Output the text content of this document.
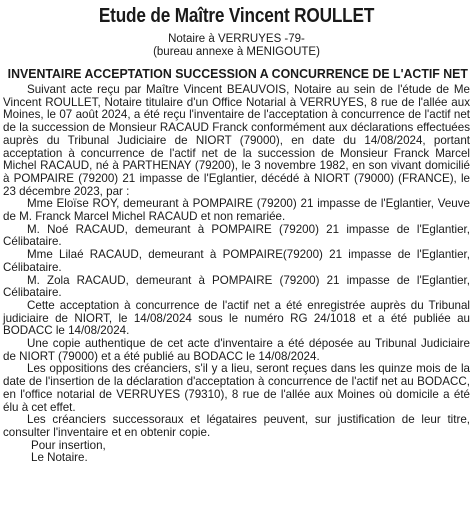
Etude de Maître Vincent ROULLET
Notaire à VERRUYES -79-
(bureau annexe à MENIGOUTE)
INVENTAIRE ACCEPTATION SUCCESSION A CONCURRENCE DE L'ACTIF NET

Suivant acte reçu par Maître Vincent BEAUVOIS, Notaire au sein de l'étude de Me Vincent ROULLET, Notaire titulaire d'un Office Notarial à VERRUYES, 8 rue de l'allée aux Moines, le 07 août 2024, a été reçu l'inventaire de l'acceptation à concurrence de l'actif net de la succession de Monsieur RACAUD Franck conformément aux déclarations effectuées auprès du Tribunal Judiciaire de NIORT (79000), en date du 14/08/2024, portant acceptation à concurrence de l'actif net de la succession de Monsieur Franck Marcel Michel RACAUD, né à PARTHENAY (79200), le 3 novembre 1982, en son vivant domicilié à POMPAIRE (79200) 21 impasse de l'Eglantier, décédé à NIORT (79000) (FRANCE), le 23 décembre 2023, par :

Mme Eloïse ROY, demeurant à POMPAIRE (79200) 21 impasse de l'Eglantier, Veuve de M. Franck Marcel Michel RACAUD et non remariée.

M. Noé RACAUD, demeurant à POMPAIRE (79200) 21 impasse de l'Eglantier, Célibataire.

Mme Lilaé RACAUD, demeurant à POMPAIRE(79200) 21 impasse de l'Eglantier, Célibataire.

M. Zola RACAUD, demeurant à POMPAIRE (79200) 21 impasse de l'Eglantier, Célibataire.

Cette acceptation à concurrence de l'actif net a été enregistrée auprès du Tribunal judiciaire de NIORT, le 14/08/2024 sous le numéro RG 24/1018 et a été publiée au BODACC le 14/08/2024.

Une copie authentique de cet acte d'inventaire a été déposée au Tribunal Judiciaire de NIORT (79000) et a été publié au BODACC le 14/08/2024.

Les oppositions des créanciers, s'il y a lieu, seront reçues dans les quinze mois de la date de l'insertion de la déclaration d'acceptation à concurrence de l'actif net au BODACC, en l'office notarial de VERRUYES (79310), 8 rue de l'allée aux Moines où domicile a été élu à cet effet.

Les créanciers successoraux et légataires peuvent, sur justification de leur titre, consulter l'inventaire et en obtenir copie.

Pour insertion,

Le Notaire.
